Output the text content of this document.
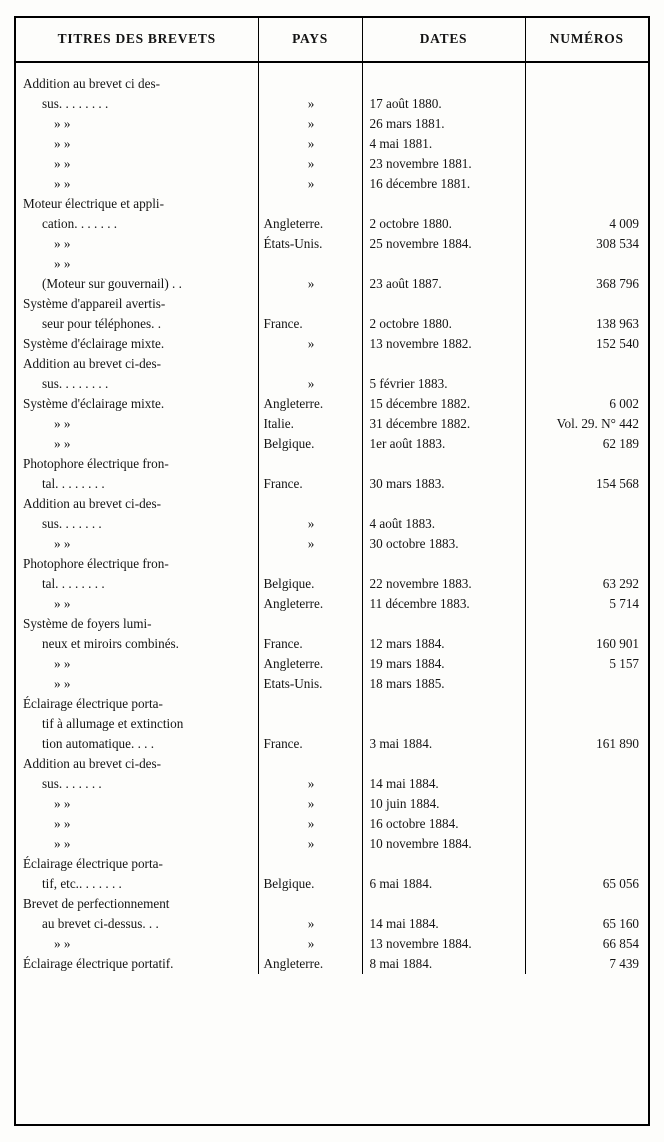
TITRES DES BREVETS	PAYS	DATES	NUMÉROS

Addition au brevet ci des-			

sus. . . . . . . .	»	17 août 1880.	

» »	»	26 mars 1881.	

» »	»	4 mai 1881.	

» »	»	23 novembre 1881.	

» »	»	16 décembre 1881.	

Moteur électrique et appli-			

cation. . . . . . .	Angleterre.	2 octobre 1880.	4 009

» »	États-Unis.	25 novembre 1884.	308 534

» »			

(Moteur sur gouvernail) . .	»	23 août 1887.	368 796

Système d'appareil avertis-			

seur pour téléphones. .	France.	2 octobre 1880.	138 963

Système d'éclairage mixte.	»	13 novembre 1882.	152 540

Addition au brevet ci-des-			

sus. . . . . . . .	»	5 février 1883.	

Système d'éclairage mixte.	Angleterre.	15 décembre 1882.	6 002

» »	Italie.	31 décembre 1882.	Vol. 29. N° 442

» »	Belgique.	1er août 1883.	62 189

Photophore électrique fron-			

tal. . . . . . . .	France.	30 mars 1883.	154 568

Addition au brevet ci-des-			

sus. . . . . . .	»	4 août 1883.	

» »	»	30 octobre 1883.	

Photophore électrique fron-			

tal. . . . . . . .	Belgique.	22 novembre 1883.	63 292

» »	Angleterre.	11 décembre 1883.	5 714

Système de foyers lumi-			

neux et miroirs combinés.	France.	12 mars 1884.	160 901

» »	Angleterre.	19 mars 1884.	5 157

» »	Etats-Unis.	18 mars 1885.	

Éclairage électrique porta-			

tif à allumage et extinction			

tion automatique. . . .	France.	3 mai 1884.	161 890

Addition au brevet ci-des-			

sus. . . . . . .	»	14 mai 1884.	

» »	»	10 juin 1884.	

» »	»	16 octobre 1884.	

» »	»	10 novembre 1884.	

Éclairage électrique porta-			

tif, etc.. . . . . . .	Belgique.	6 mai 1884.	65 056

Brevet de perfectionnement			

au brevet ci-dessus. . .	»	14 mai 1884.	65 160

» »	»	13 novembre 1884.	66 854

Éclairage électrique portatif.	Angleterre.	8 mai 1884.	7 439
